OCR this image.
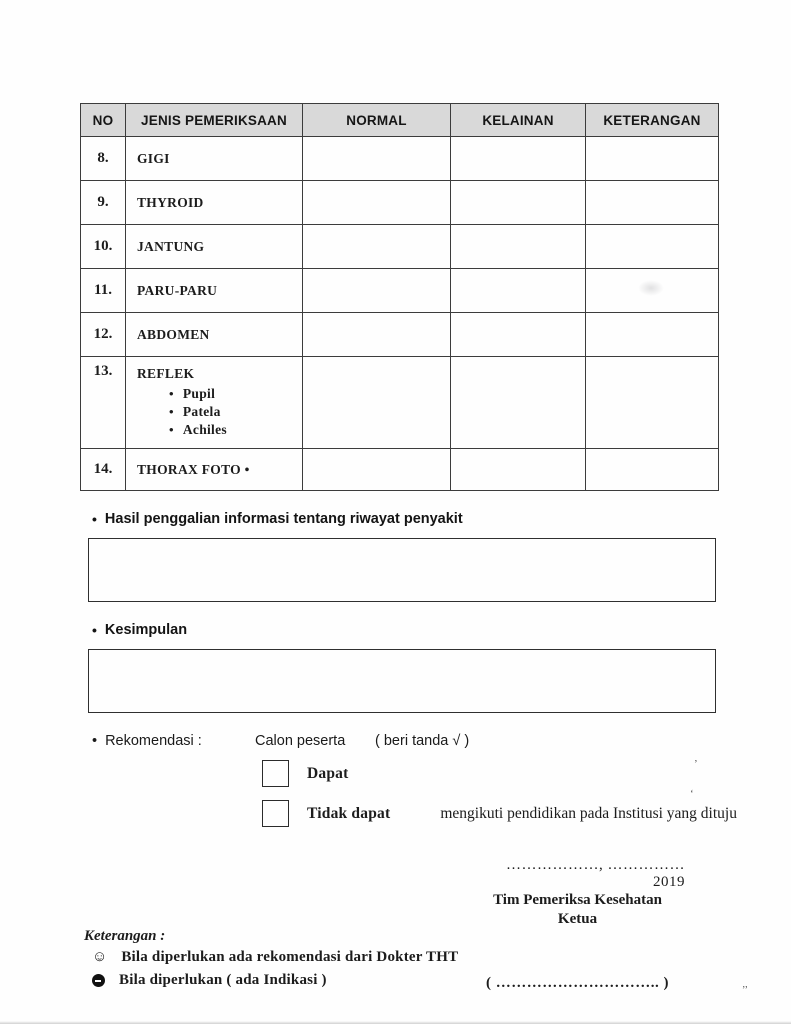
NO	JENIS PEMERIKSAAN	NORMAL	KELAINAN	KETERANGAN
8.	GIGI			
9.	THYROID			
10.	JANTUNG			
11.	PARU-PARU			
12.	ABDOMEN			
13.	REFLEK
• Pupil
• Patela
• Achiles

14.	THORAX FOTO •			
• Hasil penggalian informasi tentang riwayat penyakit
• Kesimpulan
• Rekomendasi :	Calon peserta	( beri tanda √ )
Dapat
Tidak dapat	mengikuti pendidikan pada Institusi yang dituju
………………, …………… 2019
Tim Pemeriksa Kesehatan
Ketua
( ………………………….. )
Keterangan :
☺ Bila diperlukan ada rekomendasi dari Dokter THT
Bila diperlukan ( ada Indikasi )
’
‘
’’
